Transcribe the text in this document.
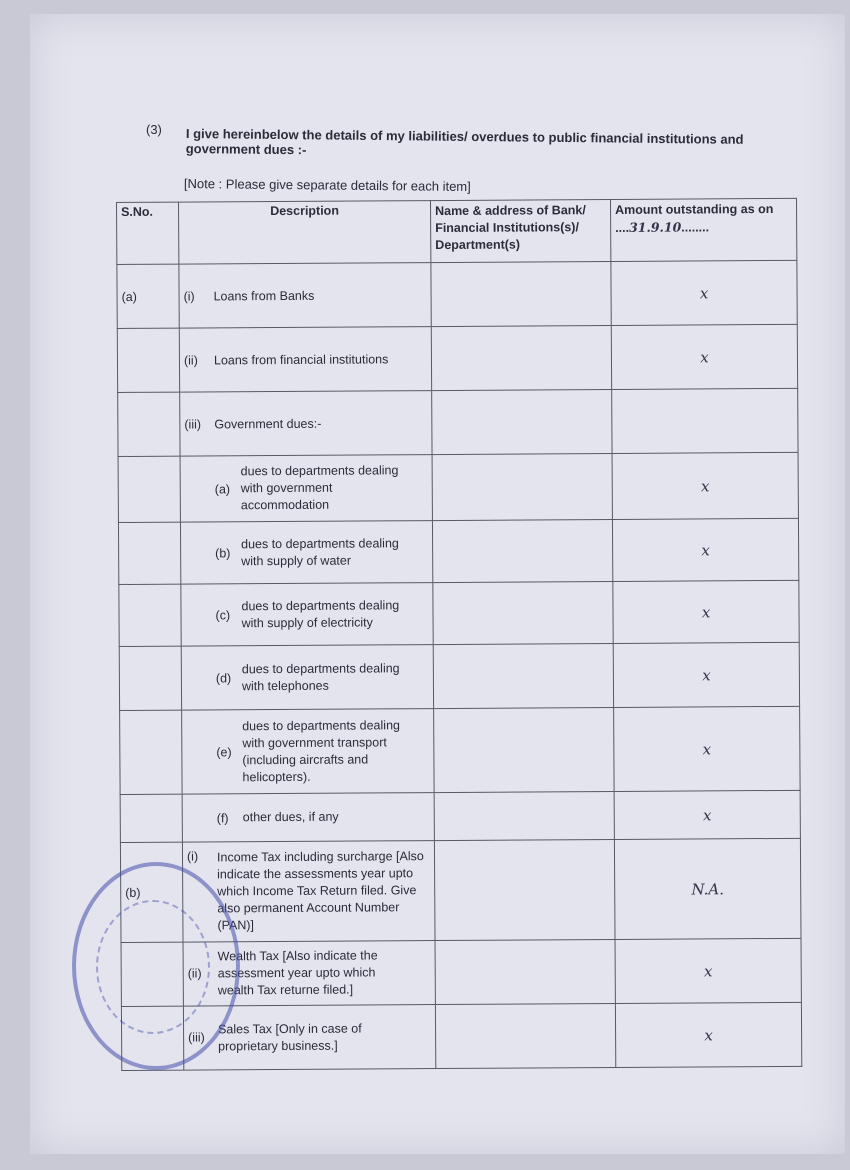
(3) I give hereinbelow the details of my liabilities/ overdues to public financial institutions and government dues :-
[Note : Please give separate details for each item]
S.No.	Description	Name & address of Bank/ Financial Institutions(s)/ Department(s)	Amount outstanding as on ....31.9.10........
(a)	(i) Loans from Banks		x
	(ii) Loans from financial institutions		x
	(iii) Government dues:-		
	(a)dues to departments dealing with government accommodation		x
	(b)dues to departments dealing with supply of water		x
	(c)dues to departments dealing with supply of electricity		x
	(d)dues to departments dealing with telephones		x
	(e)dues to departments dealing with government transport (including aircrafts and helicopters).		x
	(f) other dues, if any		x
(b)	(i) Income Tax including surcharge [Also indicate the assessments year upto which Income Tax Return filed. Give also permanent Account Number (PAN)]		N.A.
	(ii)Wealth Tax [Also indicate the assessment year upto which wealth Tax returne filed.]		x
	(iii)Sales Tax [Only in case of proprietary business.]		x
